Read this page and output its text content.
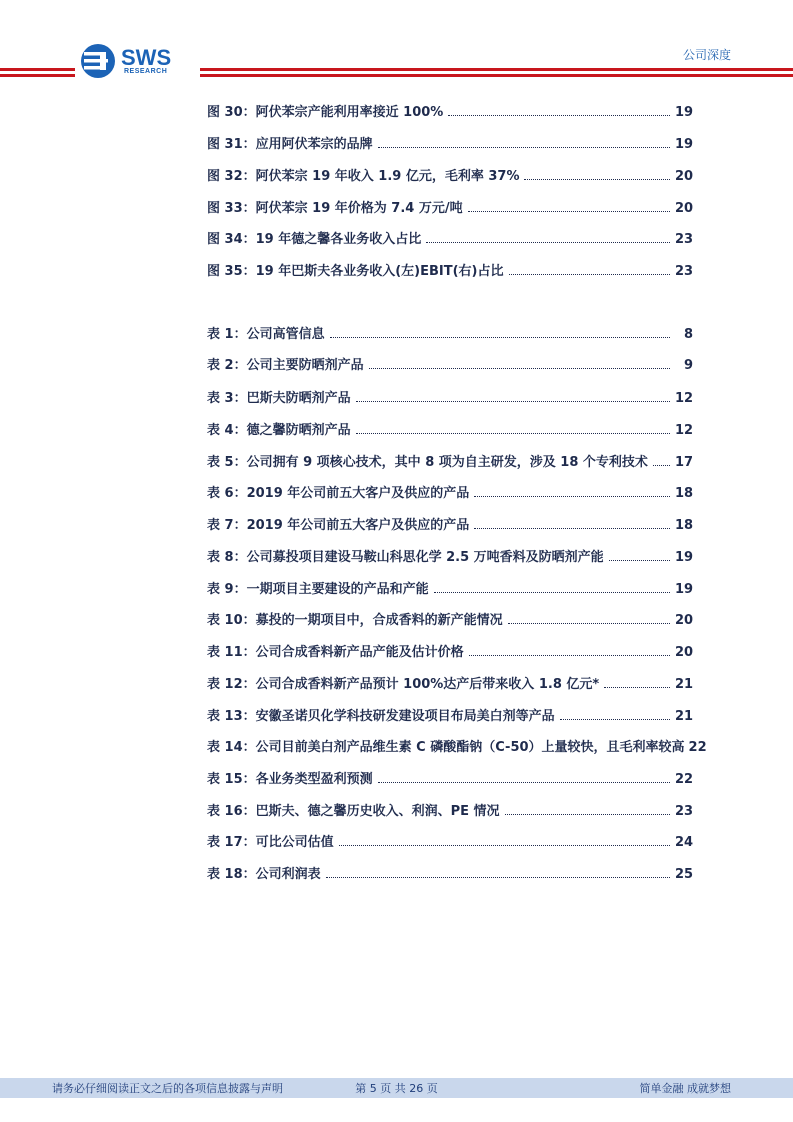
SWS
RESEARCH
公司深度
图 30：阿伏苯宗产能利用率接近 100%	19
图 31：应用阿伏苯宗的品牌	19
图 32：阿伏苯宗 19 年收入 1.9 亿元，毛利率 37%	20
图 33：阿伏苯宗 19 年价格为 7.4 万元/吨	20
图 34：19 年德之馨各业务收入占比	23
图 35：19 年巴斯夫各业务收入(左)EBIT(右)占比	23
表 1：公司高管信息	8
表 2：公司主要防晒剂产品	9
表 3：巴斯夫防晒剂产品	12
表 4：德之馨防晒剂产品	12
表 5：公司拥有 9 项核心技术，其中 8 项为自主研发，涉及 18 个专利技术 17
表 6：2019 年公司前五大客户及供应的产品	18
表 7：2019 年公司前五大客户及供应的产品	18
表 8：公司募投项目建设马鞍山科思化学 2.5 万吨香料及防晒剂产能	19
表 9：一期项目主要建设的产品和产能	19
表 10：募投的一期项目中，合成香料的新产能情况	20
表 11：公司合成香料新产品产能及估计价格	20
表 12：公司合成香料新产品预计 100%达产后带来收入 1.8 亿元*	21
表 13：安徽圣诺贝化学科技研发建设项目布局美白剂等产品	21
表 14：公司目前美白剂产品维生素 C 磷酸酯钠（C-50）上量较快，且毛利率较高 22
表 15：各业务类型盈利预测	22
表 16：巴斯夫、德之馨历史收入、利润、PE 情况	23
表 17：可比公司估值	24
表 18：公司利润表	25
请务必仔细阅读正文之后的各项信息披露与声明	第 5 页 共 26 页	简单金融 成就梦想
